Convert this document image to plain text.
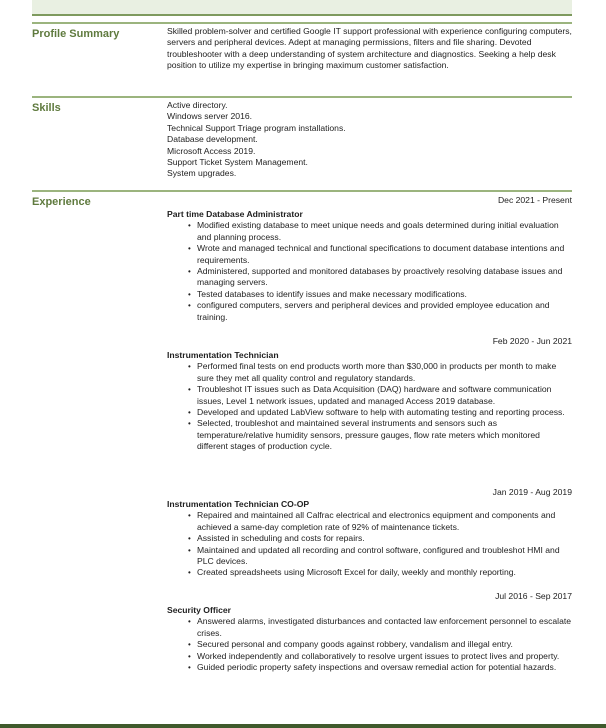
Profile Summary	Skilled problem-solver and certified Google IT support professional with experience configuring computers, servers and peripheral devices. Adept at managing permissions, filters and file sharing. Devoted troubleshooter with a deep understanding of system architecture and diagnostics. Seeking a help desk position to utilize my expertise in bringing maximum customer satisfaction.
Skills	Active directory.
Windows server 2016.
Technical Support Triage program installations.
Database development.
Microsoft Access 2019.
Support Ticket System Management.
System upgrades.
Experience	Dec 2021 - Present
Part time Database Administrator
• Modified existing database to meet unique needs and goals determined during initial evaluation and planning process.
• Wrote and managed technical and functional specifications to document database intentions and requirements.
• Administered, supported and monitored databases by proactively resolving database issues and managing servers.
• Tested databases to identify issues and make necessary modifications.
• configured computers, servers and peripheral devices and provided employee education and training.
Feb 2020 - Jun 2021
Instrumentation Technician
• Performed final tests on end products worth more than $30,000 in products per month to make sure they met all quality control and regulatory standards.
• Troubleshot IT issues such as Data Acquisition (DAQ) hardware and software communication issues, Level 1 network issues, updated and managed Access 2019 database.
• Developed and updated LabView software to help with automating testing and reporting process.
• Selected, troubleshot and maintained several instruments and sensors such as temperature/relative humidity sensors, pressure gauges, flow rate meters which monitored different stages of production cycle.
Jan 2019 - Aug 2019
Instrumentation Technician CO-OP
• Repaired and maintained all Calfrac electrical and electronics equipment and components and achieved a same-day completion rate of 92% of maintenance tickets.
• Assisted in scheduling and costs for repairs.
• Maintained and updated all recording and control software, configured and troubleshot HMI and PLC devices.
• Created spreadsheets using Microsoft Excel for daily, weekly and monthly reporting.
Jul 2016 - Sep 2017
Security Officer
• Answered alarms, investigated disturbances and contacted law enforcement personnel to escalate crises.
• Secured personal and company goods against robbery, vandalism and illegal entry.
• Worked independently and collaboratively to resolve urgent issues to protect lives and property.
• Guided periodic property safety inspections and oversaw remedial action for potential hazards.
